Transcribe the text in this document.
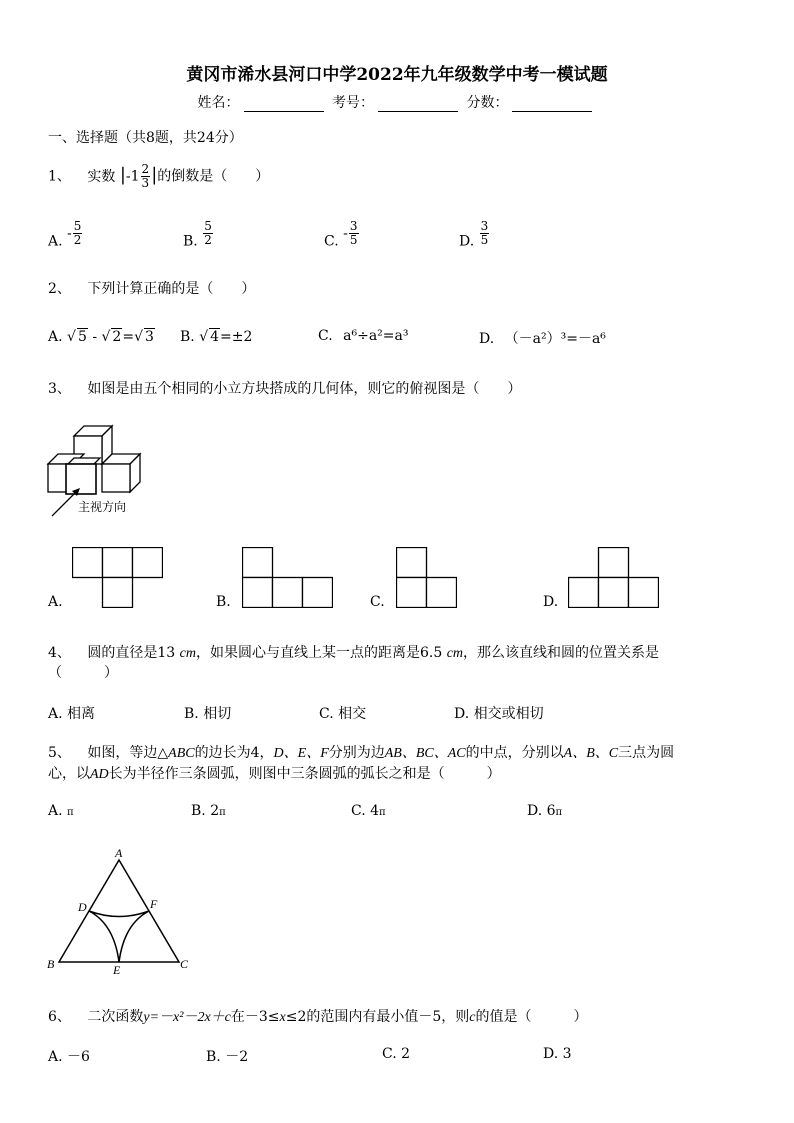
黄冈市浠水县河口中学2022年九年级数学中考一模试题
姓名：	考号：	分数：
一、选择题（共8题，共24分）
1、 实数 $|-1 \frac{2}{3}$ |的倒数是（　　）
A. - $\frac{5}{2}$	B. $\frac{5}{2}$	C. - $\frac{3}{5}$	D. $\frac{3}{5}$
2、 下列计算正确的是（　　）
A. √ 5 - √ 2=√ 3 B. √ 4=±2	C. a⁶÷a²=a³	D. （－a²）³=－a⁶
3、 如图是由五个相同的小立方块搭成的几何体，则它的俯视图是（　　）
主视方向
A.	B.	C.	D.
4、 圆的直径是13 cm，如果圆心与直线上某一点的距离是6.5 cm，那么该直线和圆的位置关系是
（　　　）
A. 相离	B. 相切	C. 相交	D. 相交或相切
5、 如图，等边△ABC的边长为4，D、E、F分别为边AB、BC、AC的中点，分别以A、B、C三点为圆
心，以AD长为半径作三条圆弧，则图中三条圆弧的弧长之和是（　　　）
A. π	B. 2π	C. 4π	D. 6π
A
B	C
D
E
F
6、 二次函数y=－x²－2x＋c在－3≤x≤2的范围内有最小值－5，则c的值是（　　　）
A. －6	B. －2	C. 2	D. 3
